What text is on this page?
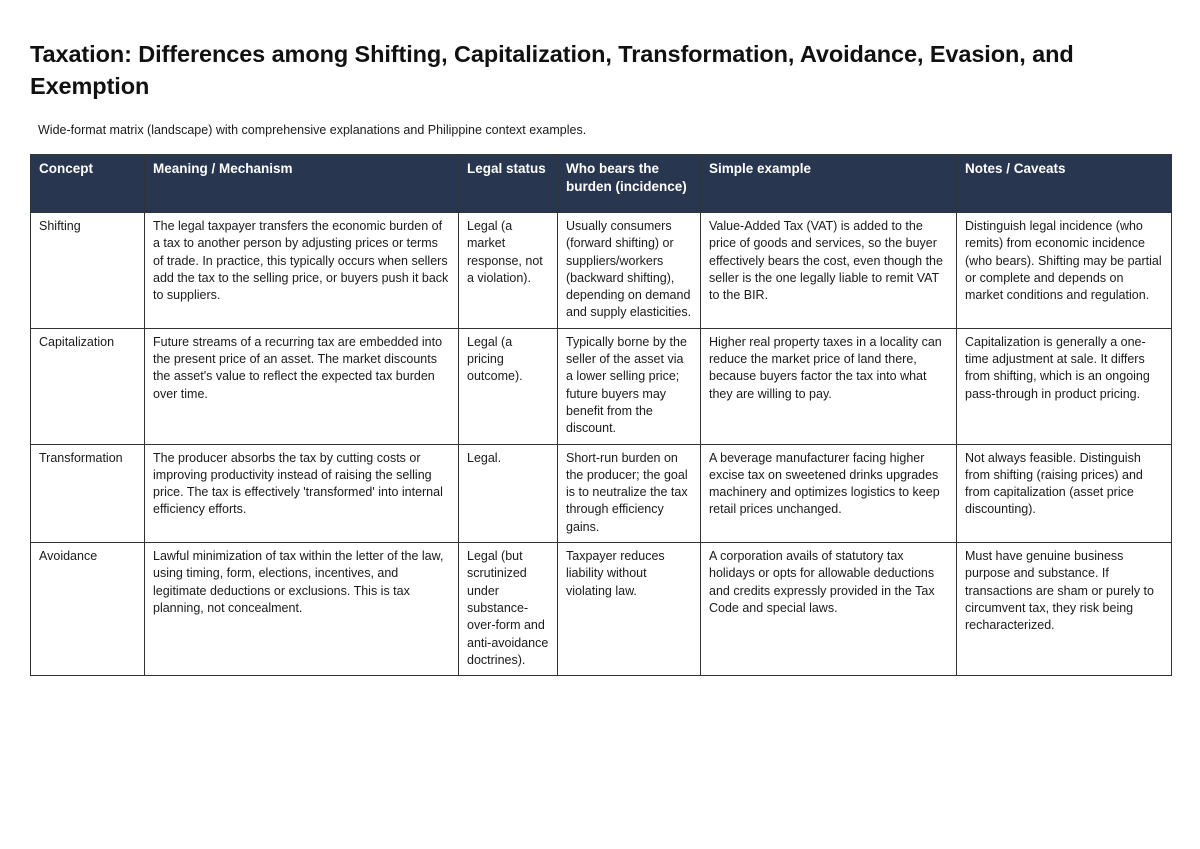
Taxation: Differences among Shifting, Capitalization, Transformation, Avoidance, Evasion, and Exemption

Wide-format matrix (landscape) with comprehensive explanations and Philippine context examples.

Concept	Meaning / Mechanism	Legal status	Who bears the burden (incidence)	Simple example	Notes / Caveats
Shifting	The legal taxpayer transfers the economic burden of a tax to another person by adjusting prices or terms of trade. In practice, this typically occurs when sellers add the tax to the selling price, or buyers push it back to suppliers.	Legal (a market response, not a violation).	Usually consumers (forward shifting) or suppliers/workers (backward shifting), depending on demand and supply elasticities.	Value-Added Tax (VAT) is added to the price of goods and services, so the buyer effectively bears the cost, even though the seller is the one legally liable to remit VAT to the BIR.	Distinguish legal incidence (who remits) from economic incidence (who bears). Shifting may be partial or complete and depends on market conditions and regulation.
Capitalization	Future streams of a recurring tax are embedded into the present price of an asset. The market discounts the asset's value to reflect the expected tax burden over time.	Legal (a pricing outcome).	Typically borne by the seller of the asset via a lower selling price; future buyers may benefit from the discount.	Higher real property taxes in a locality can reduce the market price of land there, because buyers factor the tax into what they are willing to pay.	Capitalization is generally a one-time adjustment at sale. It differs from shifting, which is an ongoing pass-through in product pricing.
Transformation	The producer absorbs the tax by cutting costs or improving productivity instead of raising the selling price. The tax is effectively 'transformed' into internal efficiency efforts.	Legal.	Short-run burden on the producer; the goal is to neutralize the tax through efficiency gains.	A beverage manufacturer facing higher excise tax on sweetened drinks upgrades machinery and optimizes logistics to keep retail prices unchanged.	Not always feasible. Distinguish from shifting (raising prices) and from capitalization (asset price discounting).
Avoidance	Lawful minimization of tax within the letter of the law, using timing, form, elections, incentives, and legitimate deductions or exclusions. This is tax planning, not concealment.	Legal (but scrutinized under substance-over-form and anti-avoidance doctrines).	Taxpayer reduces liability without violating law.	A corporation avails of statutory tax holidays or opts for allowable deductions and credits expressly provided in the Tax Code and special laws.	Must have genuine business purpose and substance. If transactions are sham or purely to circumvent tax, they risk being recharacterized.
